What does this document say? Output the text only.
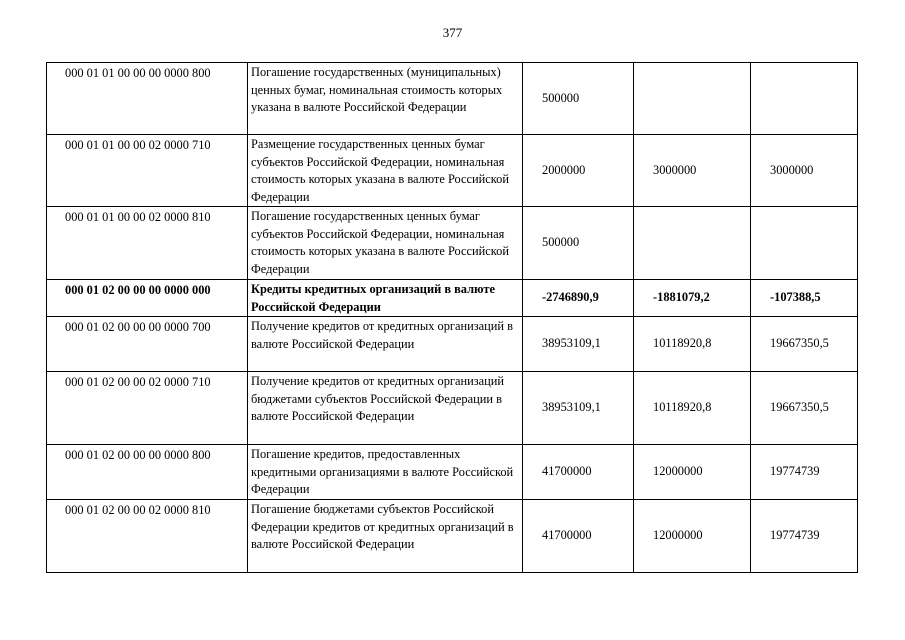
377
000 01 01 00 00 00 0000 800	Погашение государственных (муниципальных) ценных бумаг, номинальная стоимость которых указана в валюте Российской Федерации	500000		
000 01 01 00 00 02 0000 710	Размещение государственных ценных бумаг субъектов Российской Федерации, номинальная стоимость которых указана в валюте Российской Федерации	2000000	3000000	3000000
000 01 01 00 00 02 0000 810	Погашение государственных ценных бумаг субъектов Российской Федерации, номинальная стоимость которых указана в валюте Российской Федерации	500000		
000 01 02 00 00 00 0000 000	Кредиты кредитных организаций в валюте Российской Федерации	-2746890,9	-1881079,2	-107388,5
000 01 02 00 00 00 0000 700	Получение кредитов от кредитных организаций в валюте Российской Федерации	38953109,1	10118920,8	19667350,5
000 01 02 00 00 02 0000 710	Получение кредитов от кредитных организаций бюджетами субъектов Российской Федерации в валюте Российской Федерации	38953109,1	10118920,8	19667350,5
000 01 02 00 00 00 0000 800	Погашение кредитов, предоставленных кредитными организациями в валюте Российской Федерации	41700000	12000000	19774739
000 01 02 00 00 02 0000 810	Погашение бюджетами субъектов Российской Федерации кредитов от кредитных организаций в валюте Российской Федерации	41700000	12000000	19774739
